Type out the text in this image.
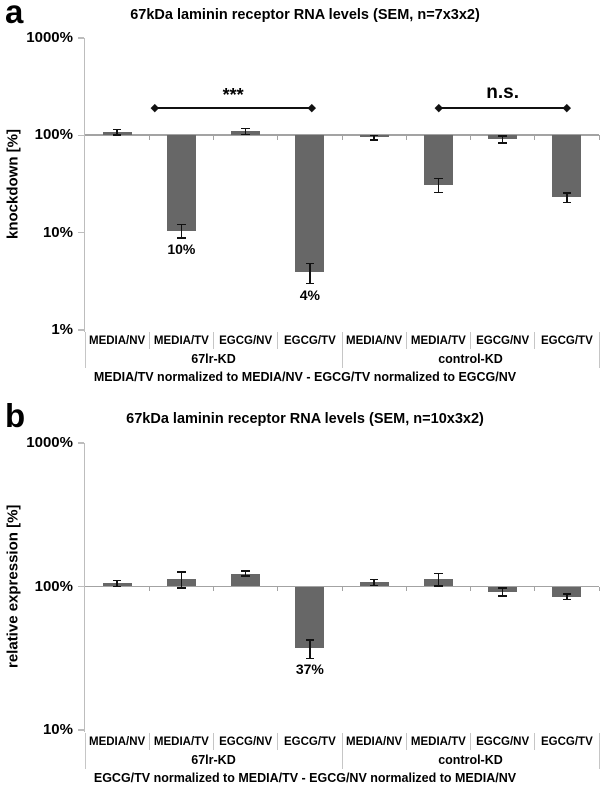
a	67kDa laminin receptor RNA levels (SEM, n=7x3x2)
knockdown [%]
MEDIA/TV normalized to MEDIA/NV - EGCG/TV normalized to EGCG/NV
1000%
100%
10%
1%
10%
4%
***	n.s.
MEDIA/NV MEDIA/TV EGCG/NV	EGCG/TV MEDIA/NV MEDIA/TV EGCG/NV	EGCG/TV
67lr-KD	control-KD
b	67kDa laminin receptor RNA levels (SEM, n=10x3x2)
relative expression [%]
EGCG/TV normalized to MEDIA/TV - EGCG/NV normalized to MEDIA/NV
1000%
100%
10%
37%
MEDIA/NV MEDIA/TV EGCG/NV	EGCG/TV MEDIA/NV MEDIA/TV EGCG/NV	EGCG/TV
67lr-KD	control-KD
